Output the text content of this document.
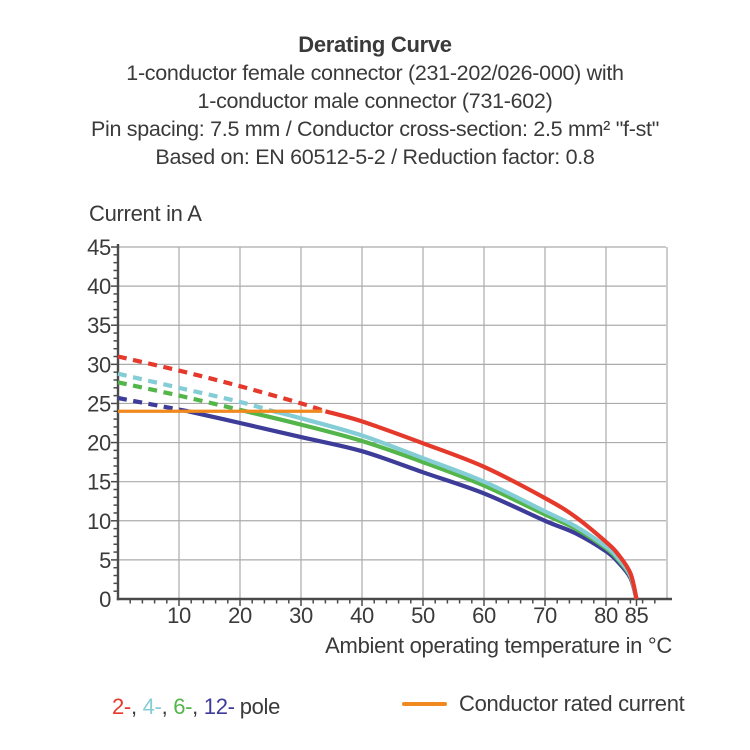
Derating Curve
1-conductor female connector (231-202/026-000) with
1-conductor male connector (731-602)
Pin spacing: 7.5 mm / Conductor cross-section: 2.5 mm² "f-st"
Based on: EN 60512-5-2 / Reduction factor: 0.8
10 20 30 40 50 60 70 80 85
0
5
10
15
20
25
30
35
40
45
Current in A
Ambient operating temperature in °C
2-, 4-, 6-, 12- pole	Conductor rated current
